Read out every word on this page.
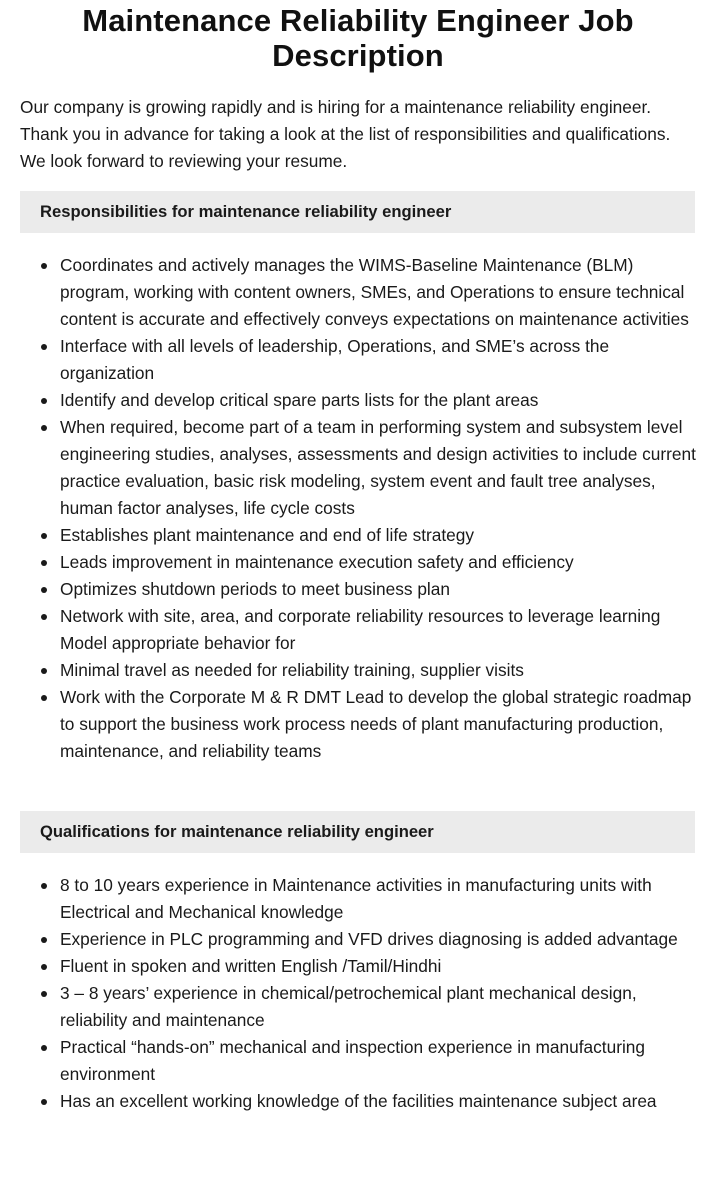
Maintenance Reliability Engineer Job Description

Our company is growing rapidly and is hiring for a maintenance reliability engineer. Thank you in advance for taking a look at the list of responsibilities and qualifications. We look forward to reviewing your resume.

Responsibilities for maintenance reliability engineer
Coordinates and actively manages the WIMS-Baseline Maintenance (BLM) program, working with content owners, SMEs, and Operations to ensure technical content is accurate and effectively conveys expectations on maintenance activities
Interface with all levels of leadership, Operations, and SME’s across the organization
Identify and develop critical spare parts lists for the plant areas
When required, become part of a team in performing system and subsystem level engineering studies, analyses, assessments and design activities to include current practice evaluation, basic risk modeling, system event and fault tree analyses, human factor analyses, life cycle costs
Establishes plant maintenance and end of life strategy
Leads improvement in maintenance execution safety and efficiency
Optimizes shutdown periods to meet business plan
Network with site, area, and corporate reliability resources to leverage learning Model appropriate behavior for
Minimal travel as needed for reliability training, supplier visits
Work with the Corporate M & R DMT Lead to develop the global strategic roadmap to support the business work process needs of plant manufacturing production, maintenance, and reliability teams
Qualifications for maintenance reliability engineer
8 to 10 years experience in Maintenance activities in manufacturing units with Electrical and Mechanical knowledge
Experience in PLC programming and VFD drives diagnosing is added advantage
Fluent in spoken and written English /Tamil/Hindhi
3 – 8 years’ experience in chemical/petrochemical plant mechanical design, reliability and maintenance
Practical “hands-on” mechanical and inspection experience in manufacturing environment
Has an excellent working knowledge of the facilities maintenance subject area
